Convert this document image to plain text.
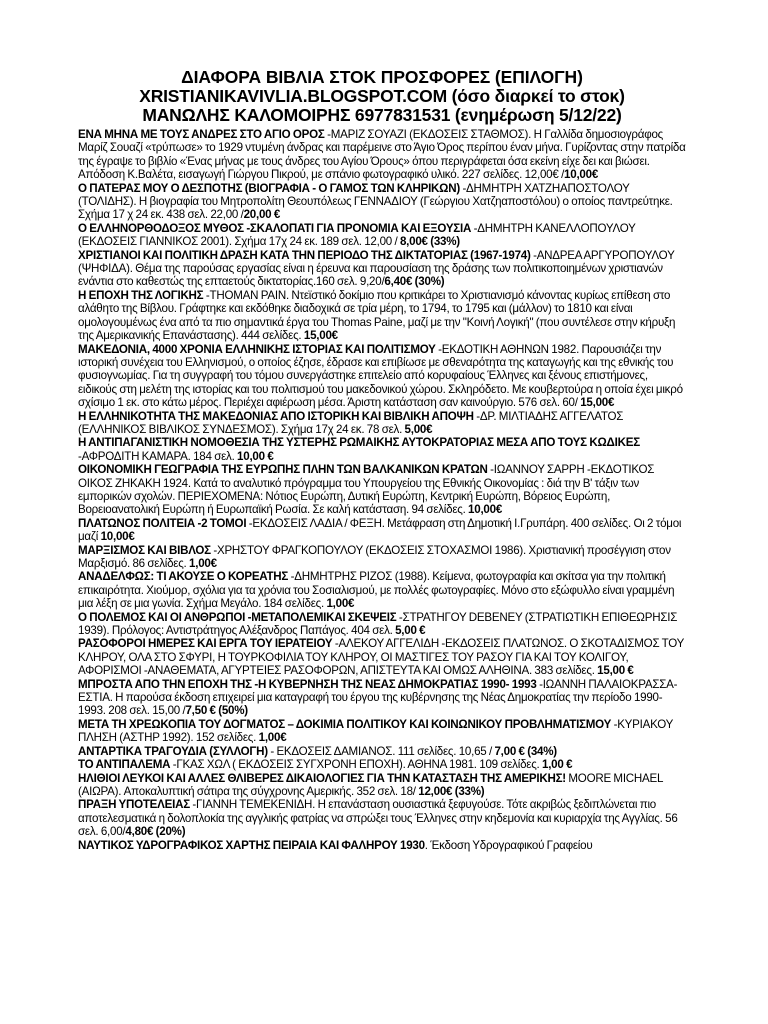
ΔΙΑΦΟΡΑ ΒΙΒΛΙΑ ΣΤΟΚ ΠΡΟΣΦΟΡΕΣ (ΕΠΙΛΟΓΗ)
XRISTIANIKAVIVLIA.BLOGSPOT.COM (όσο διαρκεί το στοκ)
ΜΑΝΩΛΗΣ ΚΑΛΟΜΟΙΡΗΣ 6977831531 (ενημέρωση 5/12/22)
ΕΝΑ ΜΗΝΑ ΜΕ ΤΟΥΣ ΑΝΔΡΕΣ ΣΤΟ ΑΓΙΟ ΟΡΟΣ -ΜΑΡΙΖ ΣΟΥΑΖΙ (ΕΚΔΟΣΕΙΣ ΣΤΑΘΜΟΣ). Η Γαλλίδα δημοσιογράφος Μαρίζ Σουαζί «τρύπωσε» το 1929 ντυμένη άνδρας και παρέμεινε στο Άγιο Όρος περίπου έναν μήνα. Γυρίζοντας στην πατρίδα της έγραψε το βιβλίο «Ένας μήνας με τους άνδρες του Αγίου Όρους» όπου περιγράφεται όσα εκείνη είχε δει και βιώσει. Απόδοση Κ.Βαλέτα, εισαγωγή Γιώργου Πικρού, με σπάνιο φωτογραφικό υλικό. 227 σελίδες. 12,00€ /10,00€
Ο ΠΑΤΕΡΑΣ ΜΟΥ Ο ΔΕΣΠΟΤΗΣ (ΒΙΟΓΡΑΦΙΑ - Ο ΓΑΜΟΣ ΤΩΝ ΚΛΗΡΙΚΩΝ) -ΔΗΜΗΤΡΗ ΧΑΤΖΗΑΠΟΣΤΟΛΟΥ (ΤΟΛΙΔΗΣ). Η βιογραφία του Μητροπολίτη Θεουπόλεως ΓΕΝΝΑΔΙΟΥ (Γεώργιου Χατζηαποστόλου) ο οποίος παντρεύτηκε. Σχήμα 17 χ 24 εκ. 438 σελ. 22,00 /20,00 €
Ο ΕΛΛΗΝΟΡΘΟΔΟΞΟΣ ΜΥΘΟΣ -ΣΚΑΛΟΠΑΤΙ ΓΙΑ ΠΡΟΝΟΜΙΑ ΚΑΙ ΕΞΟΥΣΙΑ -ΔΗΜΗΤΡΗ ΚΑΝΕΛΛΟΠΟΥΛΟΥ (ΕΚΔΟΣΕΙΣ ΓΙΑΝΝΙΚΟΣ 2001). Σχήμα 17χ 24 εκ. 189 σελ. 12,00 / 8,00€ (33%)
ΧΡΙΣΤΙΑΝΟΙ ΚΑΙ ΠΟΛΙΤΙΚΗ ΔΡΑΣΗ ΚΑΤΑ ΤΗΝ ΠΕΡΙΟΔΟ ΤΗΣ ΔΙΚΤΑΤΟΡΙΑΣ (1967-1974) -ΑΝΔΡΕΑ ΑΡΓΥΡΟΠΟΥΛΟΥ (ΨΗΦΙΔΑ). Θέμα της παρούσας εργασίας είναι η έρευνα και παρουσίαση της δράσης των πολιτικοποιημένων χριστιανών ενάντια στο καθεστώς της επταετούς δικτατορίας.160 σελ. 9,20/6,40€ (30%)
Η ΕΠΟΧΗ ΤΗΣ ΛΟΓΙΚΗΣ -THOMAN PAIN. Ντεϊστικό δοκίμιο που κριτικάρει το Χριστιανισμό κάνοντας κυρίως επίθεση στο αλάθητο της Βίβλου. Γράφτηκε και εκδόθηκε διαδοχικά σε τρία μέρη, το 1794, το 1795 και (μάλλον) το 1810 και είναι ομολογουμένως ένα από τα πιο σημαντικά έργα του Thomas Paine, μαζί με την "Κοινή Λογική" (που συντέλεσε στην κήρυξη της Αμερικανικής Επανάστασης). 444 σελίδες. 15,00€
ΜΑΚΕΔΟΝΙΑ, 4000 ΧΡΟΝΙΑ ΕΛΛΗΝΙΚΗΣ ΙΣΤΟΡΙΑΣ ΚΑΙ ΠΟΛΙΤΙΣΜΟΥ -ΕΚΔΟΤΙΚΗ ΑΘΗΝΩΝ 1982. Παρουσιάζει την ιστορική συνέχεια του Ελληνισμού, ο οποίος έζησε, έδρασε και επιβίωσε με σθεναρότητα της καταγωγής και της εθνικής του φυσιογνωμίας. Για τη συγγραφή του τόμου συνεργάστηκε επιτελείο από κορυφαίους Έλληνες και ξένους επιστήμονες, ειδικούς στη μελέτη της ιστορίας και του πολιτισμού του μακεδονικού χώρου. Σκληρόδετο. Με κουβερτούρα η οποία έχει μικρό σχίσιμο 1 εκ. στο κάτω μέρος. Περιέχει αφιέρωση μέσα. Άριστη κατάσταση σαν καινούργιο. 576 σελ. 60/ 15,00€
Η ΕΛΛΗΝΙΚΟΤΗΤΑ ΤΗΣ ΜΑΚΕΔΟΝΙΑΣ ΑΠΟ ΙΣΤΟΡΙΚΗ ΚΑΙ ΒΙΒΛΙΚΗ ΑΠΟΨΗ -ΔΡ. ΜΙΛΤΙΑΔΗΣ ΑΓΓΕΛΑΤΟΣ (ΕΛΛΗΝΙΚΟΣ ΒΙΒΛΙΚΟΣ ΣΥΝΔΕΣΜΟΣ). Σχήμα 17χ 24 εκ. 78 σελ. 5,00€
Η ΑΝΤΙΠΑΓΑΝΙΣΤΙΚΗ ΝΟΜΟΘΕΣΙΑ ΤΗΣ ΥΣΤΕΡΗΣ ΡΩΜΑΙΚΗΣ ΑΥΤΟΚΡΑΤΟΡΙΑΣ ΜΕΣΑ ΑΠΟ ΤΟΥΣ ΚΩΔΙΚΕΣ -ΑΦΡΟΔΙΤΗ ΚΑΜΑΡΑ. 184 σελ. 10,00 €
ΟΙΚΟΝΟΜΙΚΗ ΓΕΩΓΡΑΦΙΑ ΤΗΣ ΕΥΡΩΠΗΣ ΠΛΗΝ ΤΩΝ ΒΑΛΚΑΝΙΚΩΝ ΚΡΑΤΩΝ -ΙΩΑΝΝΟΥ ΣΑΡΡΗ -ΕΚΔΟΤΙΚΟΣ ΟΙΚΟΣ ΖΗΚΑΚΗ 1924. Κατά το αναλυτικό πρόγραμμα του Υπουργείου της Εθνικής Οικονομίας : διά την Β' τάξιν των εμπορικών σχολών. ΠΕΡΙΕΧΟΜΕΝΑ: Νότιος Ευρώπη, Δυτική Ευρώπη, Κεντρική Ευρώπη, Βόρειος Ευρώπη, Βορειοανατολική Ευρώπη ή Ευρωπαϊκή Ρωσία. Σε καλή κατάσταση. 94 σελίδες. 10,00€
ΠΛΑΤΩΝΟΣ ΠΟΛΙΤΕΙΑ -2 ΤΟΜΟΙ -ΕΚΔΟΣΕΙΣ ΛΑΔΙΑ / ΦΕΞΗ. Μετάφραση στη Δημοτική Ι.Γρυπάρη. 400 σελίδες. Οι 2 τόμοι μαζί 10,00€
ΜΑΡΞΙΣΜΟΣ ΚΑΙ ΒΙΒΛΟΣ -ΧΡΗΣΤΟΥ ΦΡΑΓΚΟΠΟΥΛΟΥ (ΕΚΔΟΣΕΙΣ ΣΤΟΧΑΣΜΟΙ 1986). Χριστιανική προσέγγιση στον Μαρξισμό. 86 σελίδες. 1,00€
ΑΝΑΔΕΛΦΩΣ: ΤΙ ΑΚΟΥΣΕ Ο ΚΟΡΕΑΤΗΣ -ΔΗΜΗΤΡΗΣ ΡΙΖΟΣ (1988). Κείμενα, φωτογραφία και σκίτσα για την πολιτική επικαιρότητα. Χιούμορ, σχόλια για τα χρόνια του Σοσιαλισμού, με πολλές φωτογραφίες. Μόνο στο εξώφυλλο είναι γραμμένη μια λέξη σε μια γωνία. Σχήμα Μεγάλο. 184 σελίδες. 1,00€
Ο ΠΟΛΕΜΟΣ ΚΑΙ ΟΙ ΑΝΘΡΩΠΟΙ -ΜΕΤΑΠΟΛΕΜΙΚΑΙ ΣΚΕΨΕΙΣ -ΣΤΡΑΤΗΓΟΥ DEBENEY (ΣΤΡΑΤΙΩΤΙΚΗ ΕΠΙΘΕΩΡΗΣΙΣ 1939). Πρόλογος: Αντιστράτηγος Αλέξανδρος Παπάγος. 404 σελ. 5,00 €
ΡΑΣΟΦΟΡΟΙ ΗΜΕΡΕΣ ΚΑΙ ΕΡΓΑ ΤΟΥ ΙΕΡΑΤΕΙΟΥ -ΑΛΕΚΟΥ ΑΓΓΕΛΙΔΗ -ΕΚΔΟΣΕΙΣ ΠΛΑΤΩΝΟΣ. Ο ΣΚΟΤΑΔΙΣΜΟΣ ΤΟΥ ΚΛΗΡΟΥ, ΟΛΑ ΣΤΟ ΣΦΥΡΙ, Η ΤΟΥΡΚΟΦΙΛΙΑ ΤΟΥ ΚΛΗΡΟΥ, ΟΙ ΜΑΣΤΙΓΕΣ ΤΟΥ ΡΑΣΟΥ ΓΙΑ ΚΑΙ ΤΟΥ ΚΟΛΙΓΟΥ, ΑΦΟΡΙΣΜΟΙ -ΑΝΑΘΕΜΑΤΑ, ΑΓΥΡΤΕΙΕΣ ΡΑΣΟΦΟΡΩΝ, ΑΠΙΣΤΕΥΤΑ ΚΑΙ ΟΜΩΣ ΑΛΗΘΙΝΑ. 383 σελίδες. 15,00 €
ΜΠΡΟΣΤΑ ΑΠΟ ΤΗΝ ΕΠΟΧΗ ΤΗΣ -Η ΚΥΒΕΡΝΗΣΗ ΤΗΣ ΝΕΑΣ ΔΗΜΟΚΡΑΤΙΑΣ 1990- 1993 -ΙΩΑΝΝΗ ΠΑΛΑΙΟΚΡΑΣΣΑ- ΕΣΤΙΑ. Η παρούσα έκδοση επιχειρεί μια καταγραφή του έργου της κυβέρνησης της Νέας Δημοκρατίας την περίοδο 1990-1993. 208 σελ. 15,00 /7,50 € (50%)
ΜΕΤΑ ΤΗ ΧΡΕΩΚΟΠΙΑ ΤΟΥ ΔΟΓΜΑΤΟΣ – ΔΟΚΙΜΙΑ ΠΟΛΙΤΙΚΟΥ ΚΑΙ ΚΟΙΝΩΝΙΚΟΥ ΠΡΟΒΛΗΜΑΤΙΣΜΟΥ -ΚΥΡΙΑΚΟΥ ΠΛΗΣΗ (ΑΣΤΗΡ 1992). 152 σελίδες. 1,00€
ΑΝΤΑΡΤΙΚΑ ΤΡΑΓΟΥΔΙΑ (ΣΥΛΛΟΓΗ) - ΕΚΔΟΣΕΙΣ ΔΑΜΙΑΝΟΣ. 111 σελίδες. 10,65 / 7,00 € (34%)
ΤΟ ΑΝΤΙΠΑΛΕΜΑ -ΓΚΑΣ ΧΩΛ ( ΕΚΔΟΣΕΙΣ ΣΥΓΧΡΟΝΗ ΕΠΟΧΗ). ΑΘΗΝΑ 1981. 109 σελίδες. 1,00 €
ΗΛΙΘΙΟΙ ΛΕΥΚΟΙ ΚΑΙ ΑΛΛΕΣ ΘΛΙΒΕΡΕΣ ΔΙΚΑΙΟΛΟΓΙΕΣ ΓΙΑ ΤΗΝ ΚΑΤΑΣΤΑΣΗ ΤΗΣ ΑΜΕΡΙΚΗΣ! MOORE MICHAEL (ΑΙΩΡΑ). Αποκαλυπτική σάτιρα της σύγχρονης Αμερικής. 352 σελ. 18/ 12,00€ (33%)
ΠΡΑΞΗ ΥΠΟΤΕΛΕΙΑΣ -ΓΙΑΝΝΗ ΤΕΜΕΚΕΝΙΔΗ. Η επανάσταση ουσιαστικά ξεφυγούσε. Τότε ακριβώς ξεδιπλώνεται πιο αποτελεσματικά η δολοπλοκία της αγγλικής φατρίας να σπρώξει τους Έλληνες στην κηδεμονία και κυριαρχία της Αγγλίας. 56 σελ. 6,00/4,80€ (20%)
ΝΑΥΤΙΚΟΣ ΥΔΡΟΓΡΑΦΙΚΟΣ ΧΑΡΤΗΣ ΠΕΙΡΑΙΑ ΚΑΙ ΦΑΛΗΡΟΥ 1930. Έκδοση Υδρογραφικού Γραφείου
